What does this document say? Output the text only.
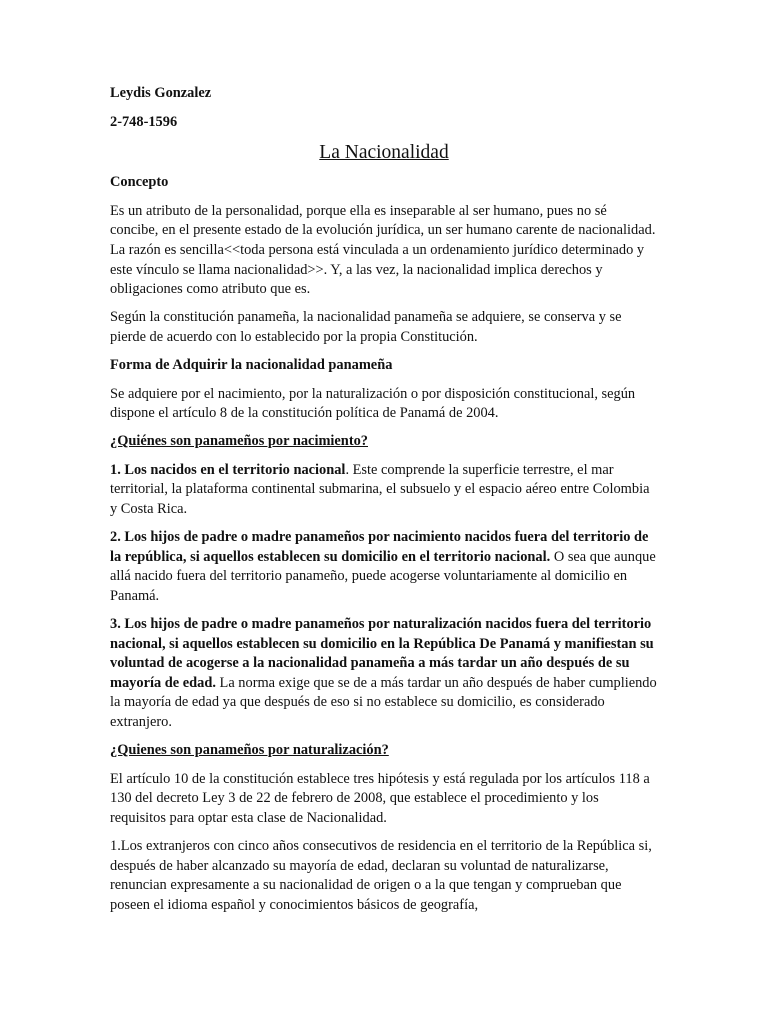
Leydis Gonzalez

2-748-1596

La Nacionalidad

Concepto

Es un atributo de la personalidad, porque ella es inseparable al ser humano, pues no sé concibe, en el presente estado de la evolución jurídica, un ser humano carente de nacionalidad. La razón es sencilla<<toda persona está vinculada a un ordenamiento jurídico determinado y este vínculo se llama nacionalidad>>. Y, a las vez, la nacionalidad implica derechos y obligaciones como atributo que es.

Según la constitución panameña, la nacionalidad panameña se adquiere, se conserva y se pierde de acuerdo con lo establecido por la propia Constitución.

Forma de Adquirir la nacionalidad panameña

Se adquiere por el nacimiento, por la naturalización o por disposición constitucional, según dispone el artículo 8 de la constitución política de Panamá de 2004.

¿Quiénes son panameños por nacimiento?

1. Los nacidos en el territorio nacional. Este comprende la superficie terrestre, el mar territorial, la plataforma continental submarina, el subsuelo y el espacio aéreo entre Colombia y Costa Rica.

2. Los hijos de padre o madre panameños por nacimiento nacidos fuera del territorio de la república, si aquellos establecen su domicilio en el territorio nacional. O sea que aunque allá nacido fuera del territorio panameño, puede acogerse voluntariamente al domicilio en Panamá.

3. Los hijos de padre o madre panameños por naturalización nacidos fuera del territorio nacional, si aquellos establecen su domicilio en la República De Panamá y manifiestan su voluntad de acogerse a la nacionalidad panameña a más tardar un año después de su mayoría de edad. La norma exige que se de a más tardar un año después de haber cumpliendo la mayoría de edad ya que después de eso si no establece su domicilio, es considerado extranjero.

¿Quienes son panameños por naturalización?

El artículo 10 de la constitución establece tres hipótesis y está regulada por los artículos 118 a 130 del decreto Ley 3 de 22 de febrero de 2008, que establece el procedimiento y los requisitos para optar esta clase de Nacionalidad.

1.Los extranjeros con cinco años consecutivos de residencia en el territorio de la República si, después de haber alcanzado su mayoría de edad, declaran su voluntad de naturalizarse, renuncian expresamente a su nacionalidad de origen o a la que tengan y comprueban que poseen el idioma español y conocimientos básicos de geografía,
